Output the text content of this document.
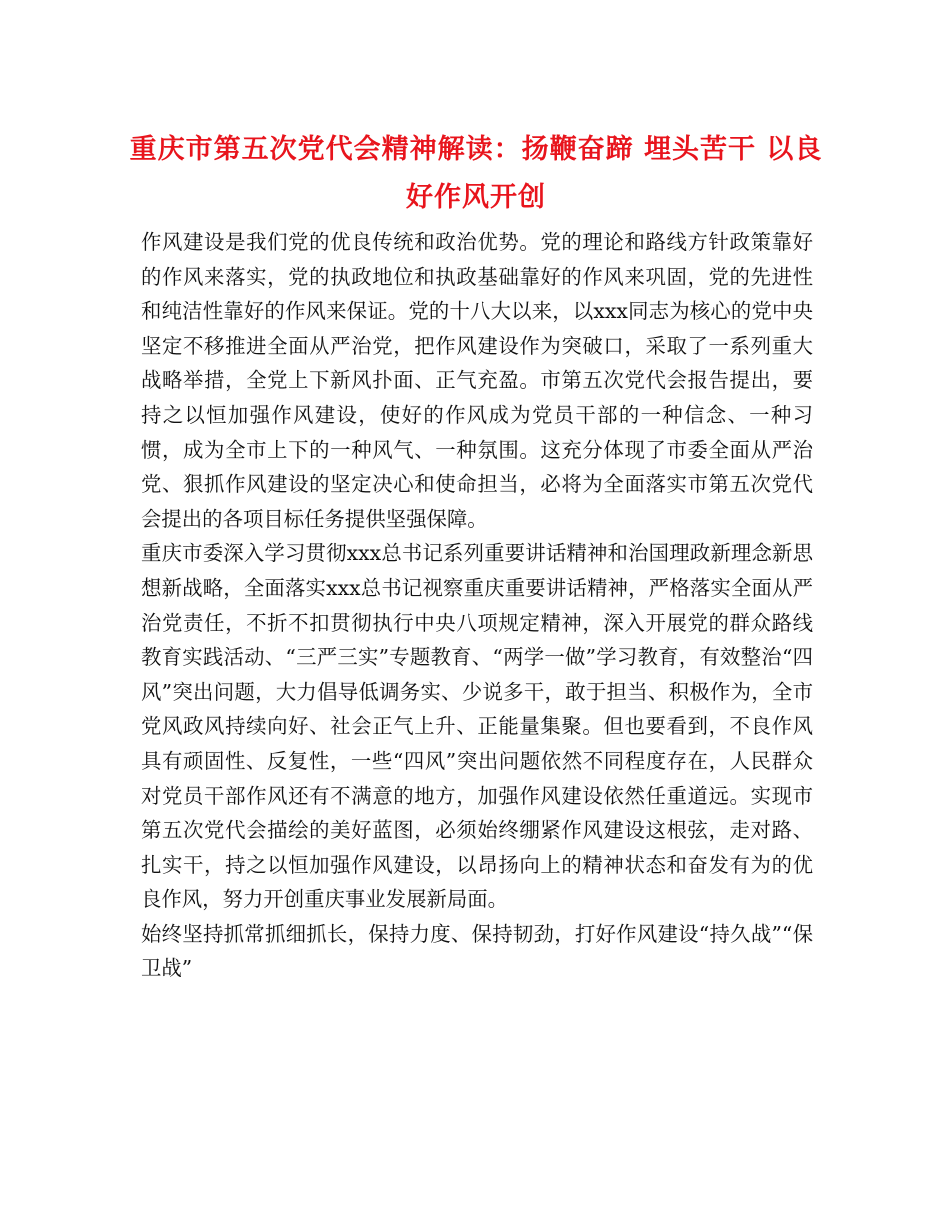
重庆市第五次党代会精神解读：扬鞭奋蹄 埋头苦干 以良好作风开创

作风建设是我们党的优良传统和政治优势。党的理论和路线方针政策靠好的作风来落实，党的执政地位和执政基础靠好的作风来巩固，党的先进性和纯洁性靠好的作风来保证。党的十八大以来，以xxx同志为核心的党中央坚定不移推进全面从严治党，把作风建设作为突破口，采取了一系列重大战略举措，全党上下新风扑面、正气充盈。市第五次党代会报告提出，要持之以恒加强作风建设，使好的作风成为党员干部的一种信念、一种习惯，成为全市上下的一种风气、一种氛围。这充分体现了市委全面从严治党、狠抓作风建设的坚定决心和使命担当，必将为全面落实市第五次党代会提出的各项目标任务提供坚强保障。

重庆市委深入学习贯彻xxx总书记系列重要讲话精神和治国理政新理念新思想新战略，全面落实xxx总书记视察重庆重要讲话精神，严格落实全面从严治党责任，不折不扣贯彻执行中央八项规定精神，深入开展党的群众路线教育实践活动、“三严三实”专题教育、“两学一做”学习教育，有效整治“四风”突出问题，大力倡导低调务实、少说多干，敢于担当、积极作为，全市党风政风持续向好、社会正气上升、正能量集聚。但也要看到，不良作风具有顽固性、反复性，一些“四风”突出问题依然不同程度存在，人民群众对党员干部作风还有不满意的地方，加强作风建设依然任重道远。实现市第五次党代会描绘的美好蓝图，必须始终绷紧作风建设这根弦，走对路、扎实干，持之以恒加强作风建设，以昂扬向上的精神状态和奋发有为的优良作风，努力开创重庆事业发展新局面。

始终坚持抓常抓细抓长，保持力度、保持韧劲，打好作风建设“持久战”“保卫战”
